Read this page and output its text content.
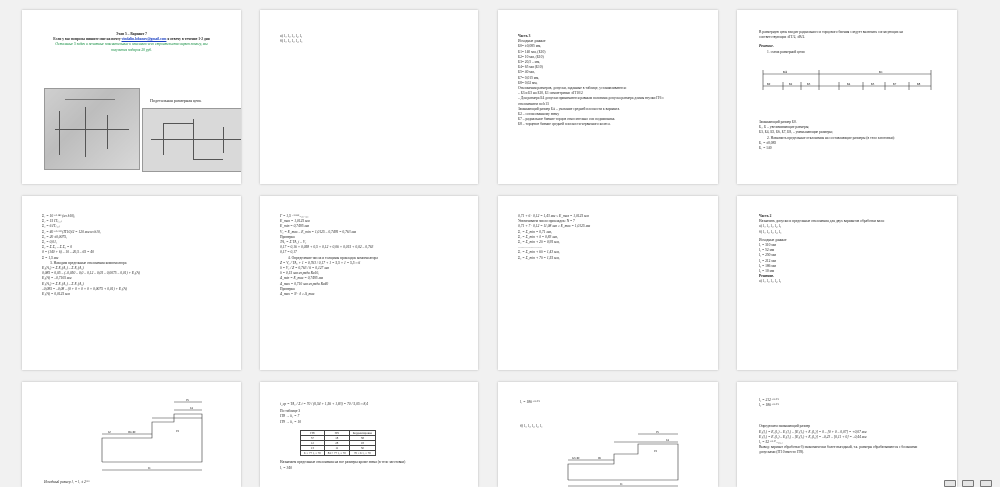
Этап 5 – Вариант 7

Если у вас вопросы пишите мне на почту vindalin.lobanov@gmail.com я отвечу в течение 1-2 дня

Остальные 5 задач и печатные пояснительные к описанию чего строительство варит помогу, мы

получится подарок 20 руб.

Подетальная размерная цепь

а) l₁, l₂, l₃, l₄, l₅

б) l₁, l₂, l₃, l₄, l₅

Часть 3

Исходные данные

Б0= ±0,085 мм,

Б1= 140 мм, (Б10)

Б2= 10 мм, (Б10)

Б3= 20,5 – мм,

Б4= 65 мм (Б10)

Б5= 40 мм,

Б7= 0,015 мм,

Б8= 0,02 мм,

Отклонения размеров, допуски, заданные в таблице, устанавливаются:

– Б3 и Б5 на Б10, Б1 симметрично ±IT10/2

– Для размера Б4 допуски принимаются равным половина допуска размера длины втулки IT6 с

отклонением по h13

Замыкающий размер Б∆ – указание средней плоскости к варианта.

Б2 – согласованному звену

Б7 – радиальное биение торцов относительно оси подшипника.

Б8 – торцевое биение средней плоскости червячного колеса.

В размерную цепь входит радиального и торцового биения следует включать согласующих на

соответствующих ±IT/2, ±В/2.

Решение.

1. схема размерной цепи

Б∆
Б0
Б1
Б2	Б3	Б4	Б5	Б7	Б8

Замыкающий размер Б0.

Б₁, Б – увеличивающие размеры;

Б3, Б4, Б5, Б6, Б7, Б8, – уменьшающие размеры;

2. Назначить предельные отклонения на составляющие размеры (в тело заготовки):

Б₁ = ±0,085

Б₁ = 140

Σ₁ = 10⁺⁰·⁰⁸⁵ (из h10),

Σ₂ = 15 IT₍₁₀₎

Σ₃ = 6 IT₍₁₀₎

Σ₄ = 40⁺⁰·¹⁰⁰ (IT10)/2 = 120 мм из h10,

Σ₅ = 20 ±0,0075,

Σ₆ = 0,01,

Σ₀ = Σ Σ₀ – Σ Σ₀ = 0

0 = (140 + 6) – 10 – 20,5 – 65 = 40

Σ = 1,5 мм

3. Находим предельные отклонения компенсатора

Е₀(А₀) = Σ Е₀(А₀) – Σ Е₀(А₀)

0,085 = 0,05 – (–0,050 – 0,0 – 0,12 – 0,05 – 0,0075 – 0,01) + Е₀(А)

Е₀(А) = –0,7105 мм

Е₁(А₀) = Σ Е₁(А₀) – Σ Е₁(А₀)

–0,085 = –0,08 – (0 + 0 + 0 + 0 + 0,0075 + 0,01) + Е₁(А)

Е₁(А) = 0,0125 мм

Г = 1,5 ⁺⁰·¹²⁵₋₀,₇₁₀₅

Е_max = 1,0125 мм

Е_min = 0,7495 мм

V₀ = Е_max – Е_min = 1,0125 – 0,7495 = 0,763 мм

Проверка

ТА₀ = Σ ТА_i – V₀

0,17 = 0,16 + 0,058 + 0,5 + 0,12 + 0,06 + 0,015 + 0,02 – 0,763

0,17 = 0,17

4. Определение числа и толщины прокладок компенсатора

Z = V₀ / ТА₀ + 1 = 0,763 / 0,17 + 1 = 5,5 + 1 = 5,5 ≈ 6

δ = V₀ / Z = 0,763 / 6 = 0,127 мм

δ = 0,15 мм из ряда Ra10,

Δ_min = Е_max = 0,7495 мм

Δ_max = 0,710 мм из ряда Ra40

Проверка

Δ_max = N · δ ≥ Δ_max

0,71 + 6 · 0,12 = 1,43 мм ≤ Е_max = 1,0125 мм

Увеличиваем число прокладок: N = 7

0,71 + 7 · 0,12 = 11,08 мм ≥ Е_max = 1,0125 мм

Σ₁ = Σ_min = 0,71 мм,

Σ₂ = Σ_min + δ = 0,83 мм,

Σ₃ = Σ_min + 2δ = 0,95 мм,

...........................

Σ₇ = Σ_min + 6δ = 1,43 мм,

Σ₈ = Σ_min + 7δ = 1,55 мм,

Часть 2

Назначить допуски и предельные отклонения для двух вариантов обработки вала:

а) l₁, l₂, l₃, l₄, l₅

б) l₁, l₂, l₃, l₄, l₅

Исходные данные

l₁ = 310 мм

l₂ = 52 мм

l₃ = 250 мм

l₄ = 212 мм

l₅ = 186 мм

l₆ = 10 мм

Решение.

а) l₁, l₂, l₃, l₄, l₅

l5
l4
l3
l2	l6=l0
l1

Исходный размер l₁ = l₁ ± 2⁰·⁵

i_ср = ТА₀ / Σ i = 70 / (0,54 + 1,56 + 1,83) = 70 / 5,05 ≈ 8,4

По таблице 3

IT8 → k₃ = 7

IT9 → k₃ = 10

IT8	IT9	Корректировка
57	18	58
12	28	18
13	11	50
Σ = 77 l₃ = 70	84 > 77 l₃ = 70	70 = Σ l₃ = 70

Назначаем предельные отклонения на все размеры кроме звена (в тело заготовки)

l₁ = 340

l₁ = 186⁺⁰·⁰⁷²

б) l₁, l₂, l₃, l₄, l₅

l5
l4
l3
l2=l0	l6
l1

l₄ = 212⁺⁰·⁰⁷²

l₅ = 186⁺⁰·⁰⁷²

Определяем замыкающий размер

Е₀(l₀) = Е₀(l₃) – Е₁(l₄) – [Е₁(l₅) + Е₁(l₆)] = 0 – [0 + 0 – 0,07] = +0,07 мм

Е₁(l₀) = Е₁(l₃) – Е₀(l₄) – [Е₀(l₅) + Е₀(l₆)] = –0,23 – [0,11 + 0] = –0,44 мм

l₀ = 52⁺⁰·⁰⁷₋₀,₄₄

Вывод: вариант обработки б) экономически более выгодный, т.к. размеры обрабатываются с большими

допусками (IT10 вместо IT8).
